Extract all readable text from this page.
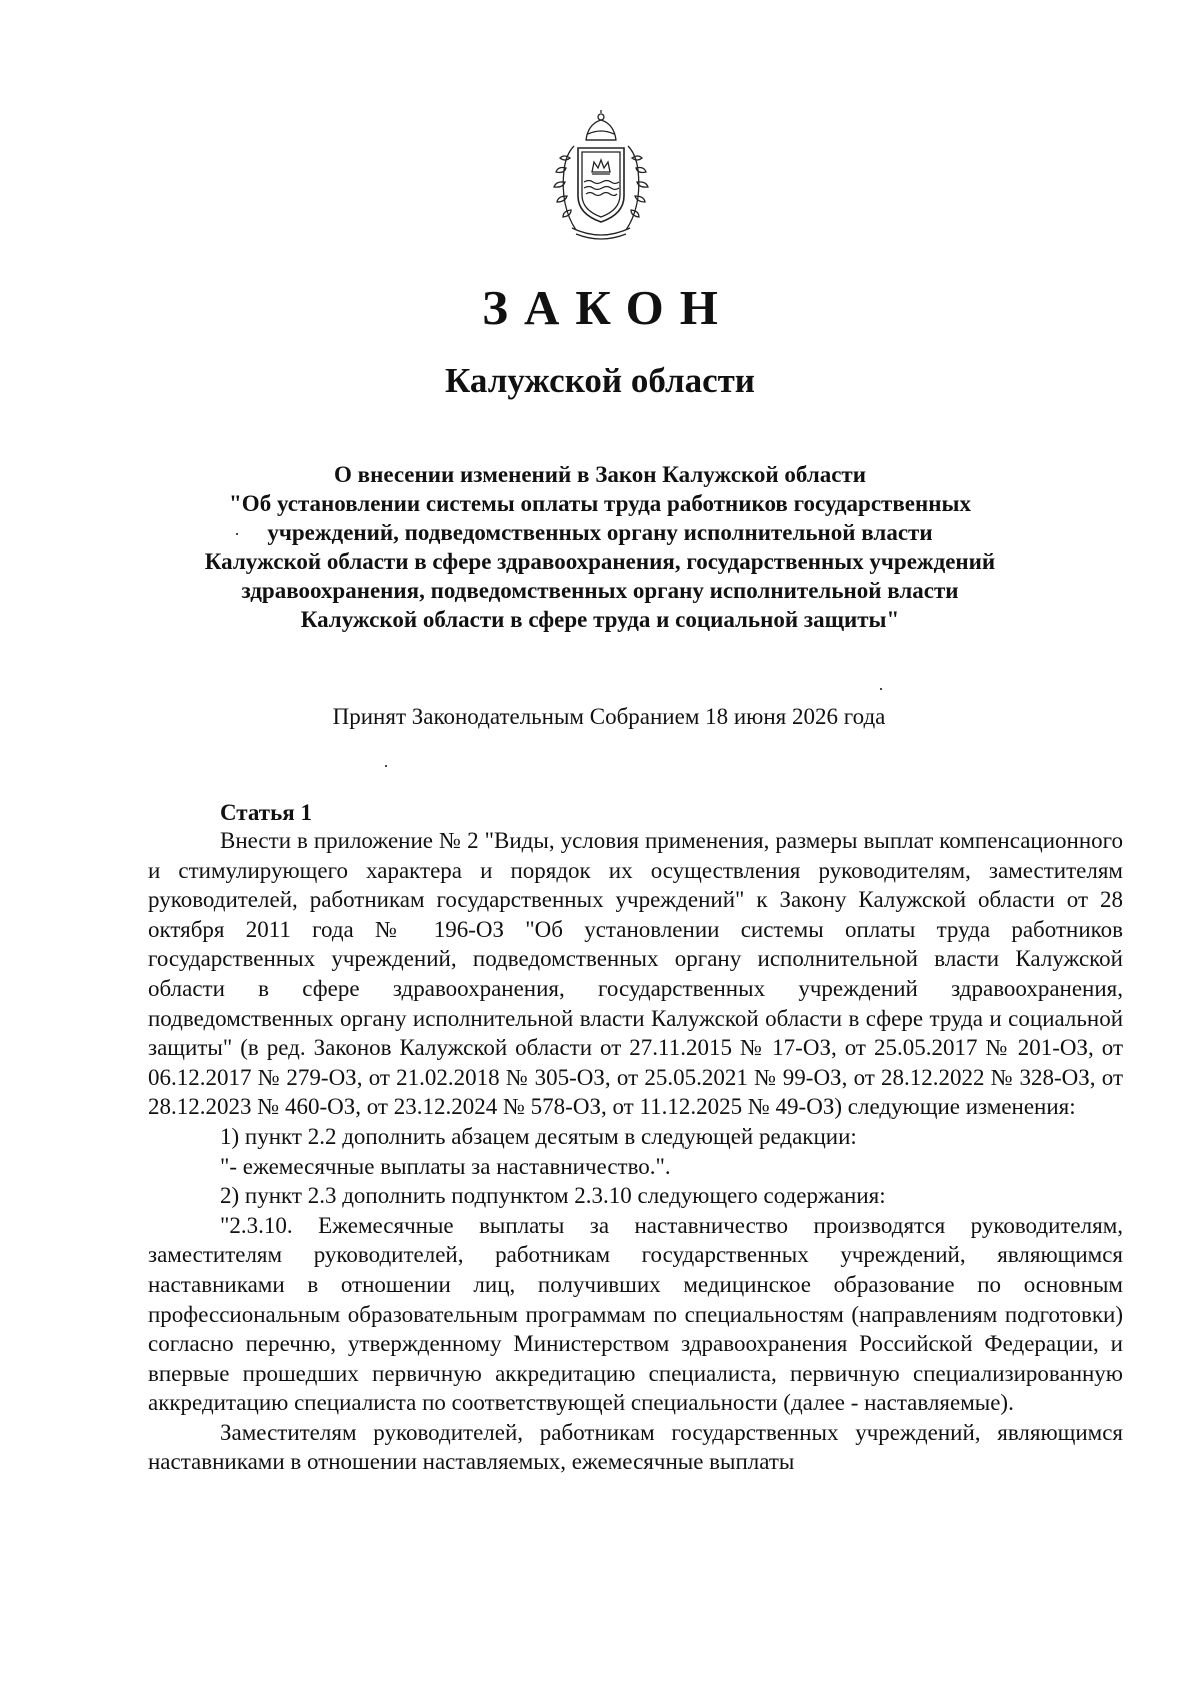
ЗАКОН
Калужской области
О внесении изменений в Закон Калужской области
"Об установлении системы оплаты труда работников государственных
учреждений, подведомственных органу исполнительной власти
Калужской области в сфере здравоохранения, государственных учреждений
здравоохранения, подведомственных органу исполнительной власти
Калужской области в сфере труда и социальной защиты"
Принят Законодательным Собранием 18 июня 2026 года
Статья 1

Внести в приложение № 2 "Виды, условия применения, размеры выплат компенсационного и стимулирующего характера и порядок их осуществления руководителям, заместителям руководителей, работникам государственных учреждений" к Закону Калужской области от 28 октября 2011 года № 196-ОЗ "Об установлении системы оплаты труда работников государственных учреждений, подведомственных органу исполнительной власти Калужской области в сфере здравоохранения, государственных учреждений здравоохранения, подведомственных органу исполнительной власти Калужской области в сфере труда и социальной защиты" (в ред. Законов Калужской области от 27.11.2015 № 17-ОЗ, от 25.05.2017 № 201-ОЗ, от 06.12.2017 № 279-ОЗ, от 21.02.2018 № 305-ОЗ, от 25.05.2021 № 99-ОЗ, от 28.12.2022 № 328-ОЗ, от 28.12.2023 № 460-ОЗ, от 23.12.2024 № 578-ОЗ, от 11.12.2025 № 49-ОЗ) следующие изменения:

1) пункт 2.2 дополнить абзацем десятым в следующей редакции:

"- ежемесячные выплаты за наставничество.".

2) пункт 2.3 дополнить подпунктом 2.3.10 следующего содержания:

"2.3.10. Ежемесячные выплаты за наставничество производятся руководителям, заместителям руководителей, работникам государственных учреждений, являющимся наставниками в отношении лиц, получивших медицинское образование по основным профессиональным образовательным программам по специальностям (направлениям подготовки) согласно перечню, утвержденному Министерством здравоохранения Российской Федерации, и впервые прошедших первичную аккредитацию специалиста, первичную специализированную аккредитацию специалиста по соответствующей специальности (далее - наставляемые).

Заместителям руководителей, работникам государственных учреждений, являющимся наставниками в отношении наставляемых, ежемесячные выплаты
